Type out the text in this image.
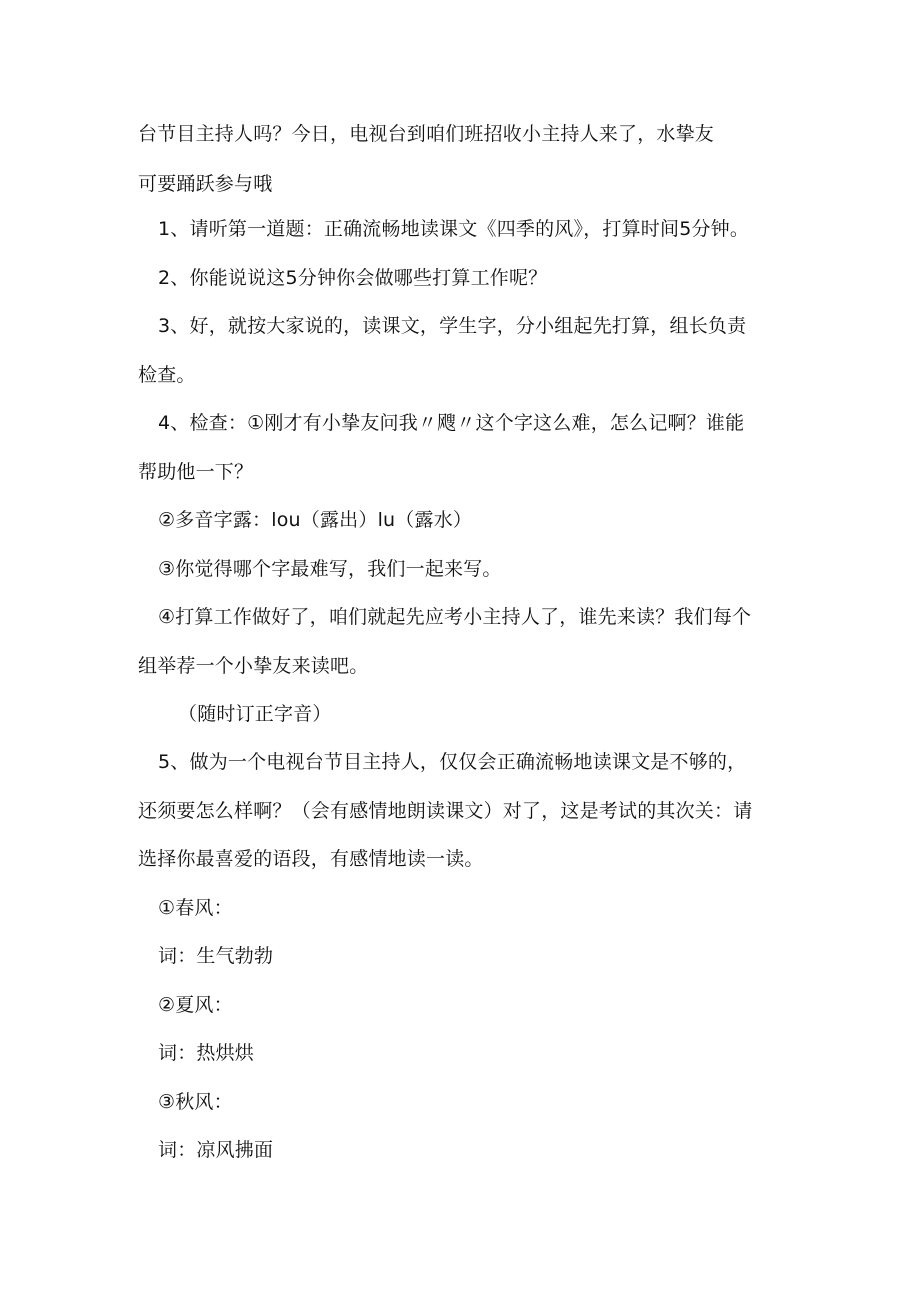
台节目主持人吗？今日，电视台到咱们班招收小主持人来了，水挚友
可要踊跃参与哦
1、请听第一道题：正确流畅地读课文《四季的风》，打算时间5分钟。
2、你能说说这5分钟你会做哪些打算工作呢？
3、好，就按大家说的，读课文，学生字，分小组起先打算，组长负责
检查。
4、检查：①刚才有小挚友问我〃飕〃这个字这么难，怎么记啊？谁能
帮助他一下？
②多音字露：lou（露出）lu（露水）
③你觉得哪个字最难写，我们一起来写。
④打算工作做好了，咱们就起先应考小主持人了，谁先来读？我们每个
组举荐一个小挚友来读吧。
（随时订正字音）
5、做为一个电视台节目主持人，仅仅会正确流畅地读课文是不够的，
还须要怎么样啊？（会有感情地朗读课文）对了，这是考试的其次关：请
选择你最喜爱的语段，有感情地读一读。
①春风：
词：生气勃勃
②夏风：
词：热烘烘
③秋风：
词：凉风拂面
